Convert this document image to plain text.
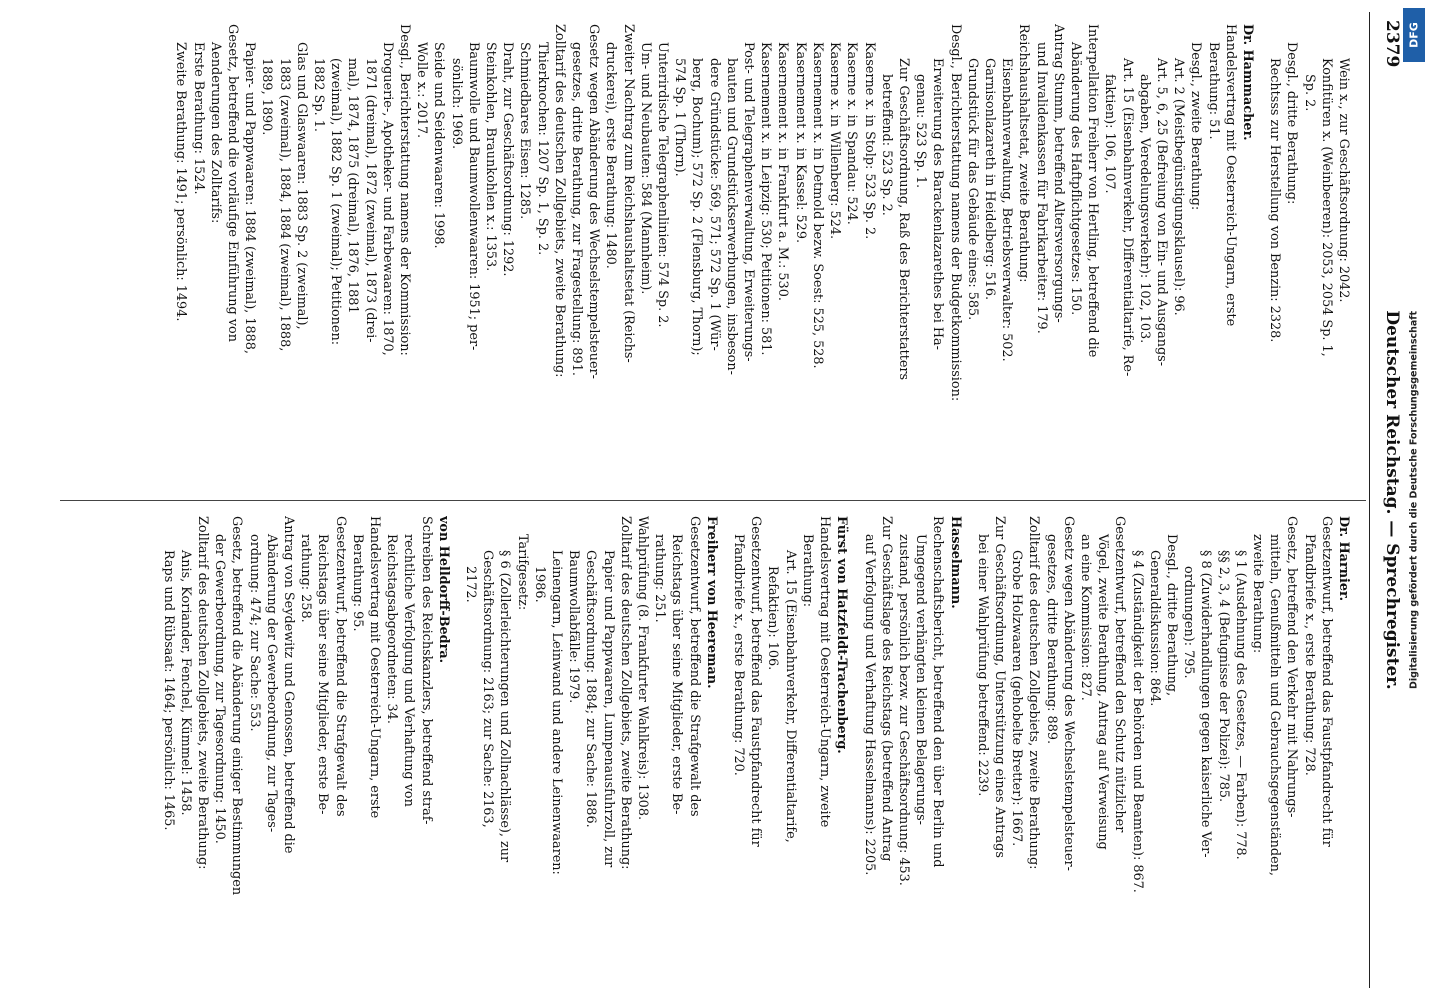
2379
Deutscher Reichstag. — Sprechregister.
Wein x., zur Geschäftsordnung: 2042.
Konfitüren x. (Weinbeeren): 2053, 2054 Sp. 1,
Sp. 2.
Desgl., dritte Berathung:
Rechtsss zur Herstellung von Benzin: 2328.
Dr. Hammacher.
Handelsvertrag mit Oesterreich-Ungarn, erste
Berathung: 51.
Desgl., zweite Berathung:
Art. 2 (Meistbegünstigungsklausel): 96.
Art. 5, 6, 25 (Befreiung von Ein- und Ausgangs-
abgaben, Veredelungsverkehr): 102, 103.
Art. 15 (Eisenbahnverkehr, Differentialtarife, Re-
faktien): 106, 107.
Interpellation Freiherr von Hertling, betreffend die
Abänderung des Haftpflichtgesetzes: 150.
Antrag Stumm, betreffend Altersversorgungs-
und Invalidenkassen für Fabrikarbeiter: 179.
Reichshaushaltsetat, zweite Berathung:
Eisenbahnverwaltung, Betriebsverwalter: 502.
Garnisonlazareth in Heidelberg: 516.
Grundstück für das Gebäude eines: 585.
Desgl., Berichterstattung namens der Budgetkommission:
Erweiterung des Barackenlazarethes bei Ha-
genau: 523 Sp. 1.
Zur Geschäftsordnung, Raß des Berichterstatters
betreffend: 523 Sp. 2.
Kaserne x. in Stolp: 523 Sp. 2.
Kaserne x. in Spandau: 524.
Kaserne x. in Willenberg: 524.
Kasernement x. in Detmold bezw. Soest: 525, 528.
Kasernement x. in Kassel: 529.
Kasernement x. in Frankfurt a. M.: 530.
Kasernement x. in Leipzig: 530; Petitionen: 581.
Post- und Telegraphenverwaltung, Erweiterungs-
bauten und Grundstückserwerbungen, insbeson-
dere Gründstücke: 569, 571; 572 Sp. 1 (Wür-
berg, Bochum); 572 Sp. 2 (Flensburg, Thorn);
574 Sp. 1 (Thorn).
Unterirdische Telegraphenlinien: 574 Sp. 2.
Um- und Neubauten: 584 (Mannheim).
Zweiter Nachtrag zum Reichshaushaltsetat (Reichs-
druckerei), erste Berathung: 1480.
Gesetz wegen Abänderung des Wechselstempelsteuer-
gesetzes, dritte Berathung, zur Fragestellung: 891.
Zolltarif des deutschen Zollgebiets, zweite Berathung:
Thierknochen: 1207 Sp. 1, Sp. 2.
Schmiedbares Eisen: 1285.
Draht, zur Geschäftsordnung: 1292.
Steinkohlen, Braunkohlen x.: 1353.
Baumwolle und Baumwollenwaaren: 1951; per-
sönlich: 1969.
Seide und Seidenwaaren: 1998.
Wolle x.: 2017.
Desgl., Berichterstattung namens der Kommission:
Droguerie-, Apotheker- und Farbewaaren: 1870,
1871 (dreimal), 1872 (zweimal), 1873 (drei-
mal), 1874, 1875 (dreimal), 1876, 1881
(zweimal), 1882 Sp. 1 (zweimal); Petitionen:
1882 Sp. 1.
Glas und Glaswaaren: 1883 Sp. 2 (zweimal),
1883 (zweimal), 1884, 1884 (zweimal), 1888,
1889, 1890.
Papier- und Pappwaaren: 1884 (zweimal), 1888,
Gesetz, betreffend die vorläufige Einführung von
Aenderungen des Zolltarifs:
Erste Berathung: 1524.
Zweite Berathung: 1491; persönlich: 1494.
Dr. Harnier.
Gesetzentwurf, betreffend das Faustpfandrecht für
Pfandbriefe x., erste Berathung: 728.
Gesetz, betreffend den Verkehr mit Nahrungs-
mitteln, Genußmitteln und Gebrauchsgegenständen,
zweite Berathung:
§ 1 (Ausdehnung des Gesetzes, — Farben): 778.
§§ 2, 3, 4 (Befugnisse der Polizei): 785.
§ 8 (Zuwiderhandlungen gegen kaiserliche Ver-
ordnungen): 795.
Desgl., dritte Berathung,
Generaldiskussion: 864.
§ 4 (Zuständigkeit der Behörden und Beamten): 867.
Gesetzentwurf, betreffend den Schutz nützlicher
Vögel, zweite Berathung, Antrag auf Verweisung
an eine Kommission: 827.
Gesetz wegen Abänderung des Wechselstempelsteuer-
gesetzes, dritte Berathung: 889.
Zolltarif des deutschen Zollgebiets, zweite Berathung:
Grobe Holzwaaren (gehobelte Bretter): 1667.
Zur Geschäftsordnung, Unterstützung eines Antrags
bei einer Wahlprüfung betreffend: 2239.
Hasselmann.
Rechenschaftsbericht, betreffend den über Berlin und
Umgegend verhängten kleinen Belagerungs-
zustand, persönlich bezw. zur Geschäftsordnung: 453.
Zur Geschäftslage des Reichstags (betreffend Antrag
auf Verfolgung und Verhaftung Hasselmanns): 2205.
Fürst von Hatzfeldt-Trachenberg.
Handelsvertrag mit Oesterreich-Ungarn, zweite
Berathung:
Art. 15 (Eisenbahnverkehr, Differentialtarife,
Refaktien): 106.
Gesetzentwurf, betreffend das Faustpfandrecht für
Pfandbriefe x., erste Berathung: 720.
Freiherr von Heereman.
Gesetzentwurf, betreffend die Strafgewalt des
Reichstags über seine Mitglieder, erste Be-
rathung: 251.
Wahlprüfung (8. Frankfurter Wahlkreis): 1308.
Zolltarif des deutschen Zollgebiets, zweite Berathung:
Papier und Pappwaaren, Lumpenausfuhrzoll, zur
Geschäftsordnung: 1884; zur Sache: 1886.
Baumwollabfälle: 1979.
Leinengarn, Leinwand und andere Leinenwaaren:
1986.
Tarifgesetz:
§ 6 (Zollerleichterungen und Zollnachlässe), zur
Geschäftsordnung: 2163; zur Sache: 2163,
2172.
von Helldorff-Bedra.
Schreiben des Reichskanzlers, betreffend straf-
rechtliche Verfolgung und Verhaftung von
Reichstagsabgeordneten: 34.
Handelsvertrag mit Oesterreich-Ungarn, erste
Berathung: 95.
Gesetzentwurf, betreffend die Strafgewalt des
Reichstags über seine Mitglieder, erste Be-
rathung: 258.
Antrag von Seydewitz und Genossen, betreffend die
Abänderung der Gewerbeordnung, zur Tages-
ordnung: 474; zur Sache: 553.
Gesetz, betreffend die Abänderung einiger Bestimmungen
der Gewerbeordnung, zur Tagesordnung: 1450.
Zolltarif des deutschen Zollgebiets, zweite Berathung:
Anis, Koriander, Fenchel, Kümmel: 1458.
Raps und Rübsaat: 1464; persönlich: 1465.
DFG
Digitalisierung gefördert durch die Deutsche Forschungsgemeinschaft
